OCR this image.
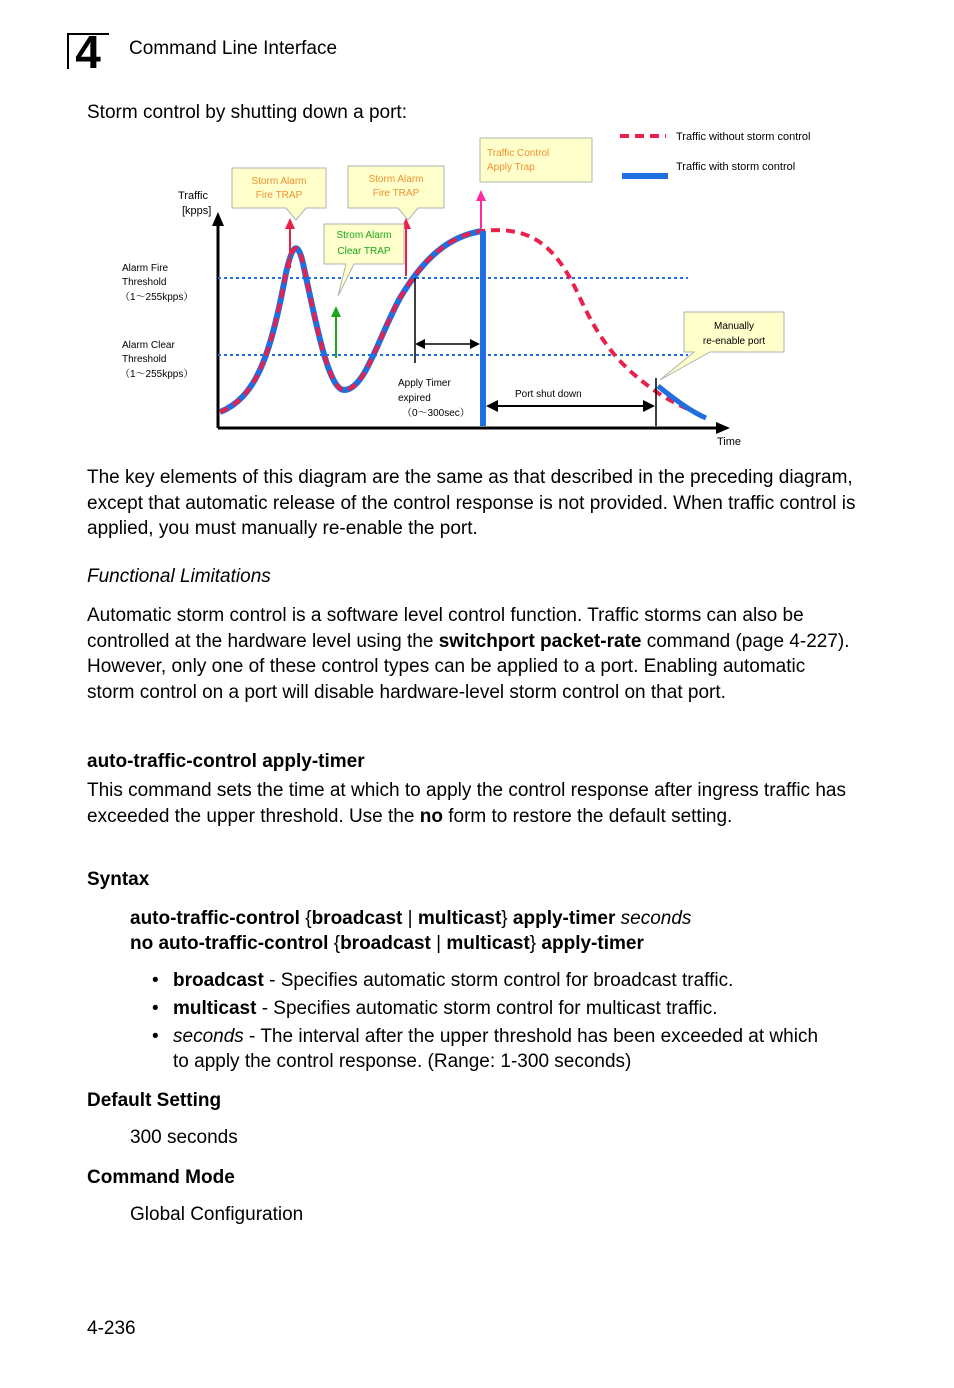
4 Command Line Interface
Storm control by shutting down a port:
Traffic without storm control
Traffic with storm control
Traffic
[kpps]
Time
Alarm Fire
Threshold
（1～255kpps）
Alarm Clear
Threshold
（1～255kpps）
Apply Timer
expired
（0～300sec）
Port shut down
Storm Alarm
Fire TRAP
Storm Alarm
Fire TRAP
Strom Alarm
Clear TRAP
Traffic Control
Apply Trap
Manually
re-enable port

The key elements of this diagram are the same as that described in the preceding diagram, except that automatic release of the control response is not provided. When traffic control is applied, you must manually re-enable the port.

Functional Limitations

Automatic storm control is a software level control function. Traffic storms can also be controlled at the hardware level using the switchport packet-rate command (page 4-227). However, only one of these control types can be applied to a port. Enabling automatic storm control on a port will disable hardware-level storm control on that port.

auto-traffic-control apply-timer

This command sets the time at which to apply the control response after ingress traffic has exceeded the upper threshold. Use the no form to restore the default setting.

Syntax
auto-traffic-control {broadcast | multicast} apply-timer seconds
no auto-traffic-control {broadcast | multicast} apply-timer
• broadcast - Specifies automatic storm control for broadcast traffic.
• multicast - Specifies automatic storm control for multicast traffic.
• seconds - The interval after the upper threshold has been exceeded at which to apply the control response. (Range: 1-300 seconds)
Default Setting
300 seconds
Command Mode
Global Configuration
4-236
